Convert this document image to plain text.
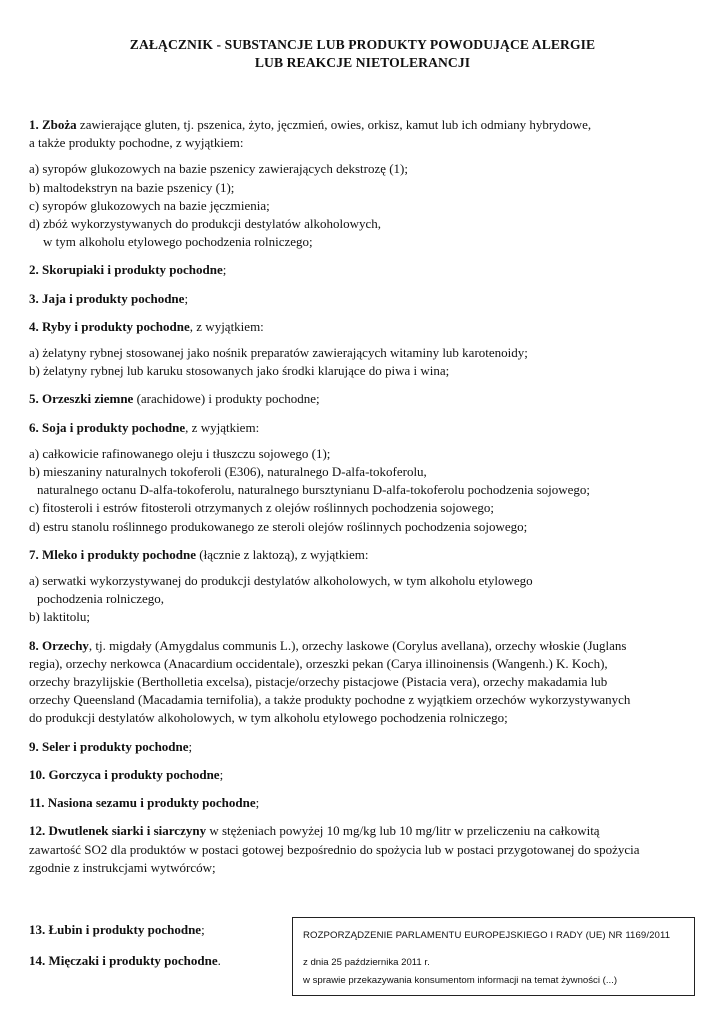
ZAŁĄCZNIK - SUBSTANCJE LUB PRODUKTY POWODUJĄCE ALERGIE
LUB REAKCJE NIETOLERANCJI

1. Zboża zawierające gluten, tj. pszenica, żyto, jęczmień, owies, orkisz, kamut lub ich odmiany hybrydowe,

a także produkty pochodne, z wyjątkiem:

a) syropów glukozowych na bazie pszenicy zawierających dekstrozę (1);

b) maltodekstryn na bazie pszenicy (1);

c) syropów glukozowych na bazie jęczmienia;

d) zbóż wykorzystywanych do produkcji destylatów alkoholowych,

w tym alkoholu etylowego pochodzenia rolniczego;

2. Skorupiaki i produkty pochodne;

3. Jaja i produkty pochodne;

4. Ryby i produkty pochodne, z wyjątkiem:

a) żelatyny rybnej stosowanej jako nośnik preparatów zawierających witaminy lub karotenoidy;

b) żelatyny rybnej lub karuku stosowanych jako środki klarujące do piwa i wina;

5. Orzeszki ziemne (arachidowe) i produkty pochodne;

6. Soja i produkty pochodne, z wyjątkiem:

a) całkowicie rafinowanego oleju i tłuszczu sojowego (1);

b) mieszaniny naturalnych tokoferoli (E306), naturalnego D-alfa-tokoferolu,

naturalnego octanu D-alfa-tokoferolu, naturalnego bursztynianu D-alfa-tokoferolu pochodzenia sojowego;

c) fitosteroli i estrów fitosteroli otrzymanych z olejów roślinnych pochodzenia sojowego;

d) estru stanolu roślinnego produkowanego ze steroli olejów roślinnych pochodzenia sojowego;

7. Mleko i produkty pochodne (łącznie z laktozą), z wyjątkiem:

a) serwatki wykorzystywanej do produkcji destylatów alkoholowych, w tym alkoholu etylowego

pochodzenia rolniczego,

b) laktitolu;

8. Orzechy, tj. migdały (Amygdalus communis L.), orzechy laskowe (Corylus avellana), orzechy włoskie (Juglans

regia), orzechy nerkowca (Anacardium occidentale), orzeszki pekan (Carya illinoinensis (Wangenh.) K. Koch),

orzechy brazylijskie (Bertholletia excelsa), pistacje/orzechy pistacjowe (Pistacia vera), orzechy makadamia lub

orzechy Queensland (Macadamia ternifolia), a także produkty pochodne z wyjątkiem orzechów wykorzystywanych

do produkcji destylatów alkoholowych, w tym alkoholu etylowego pochodzenia rolniczego;

9. Seler i produkty pochodne;

10. Gorczyca i produkty pochodne;

11. Nasiona sezamu i produkty pochodne;

12. Dwutlenek siarki i siarczyny w stężeniach powyżej 10 mg/kg lub 10 mg/litr w przeliczeniu na całkowitą

zawartość SO2 dla produktów w postaci gotowej bezpośrednio do spożycia lub w postaci przygotowanej do spożycia

zgodnie z instrukcjami wytwórców;

13. Łubin i produkty pochodne;
14. Mięczaki i produkty pochodne.
ROZPORZĄDZENIE PARLAMENTU EUROPEJSKIEGO I RADY (UE) NR 1169/2011
z dnia 25 października 2011 r.
w sprawie przekazywania konsumentom informacji na temat żywności (...)
